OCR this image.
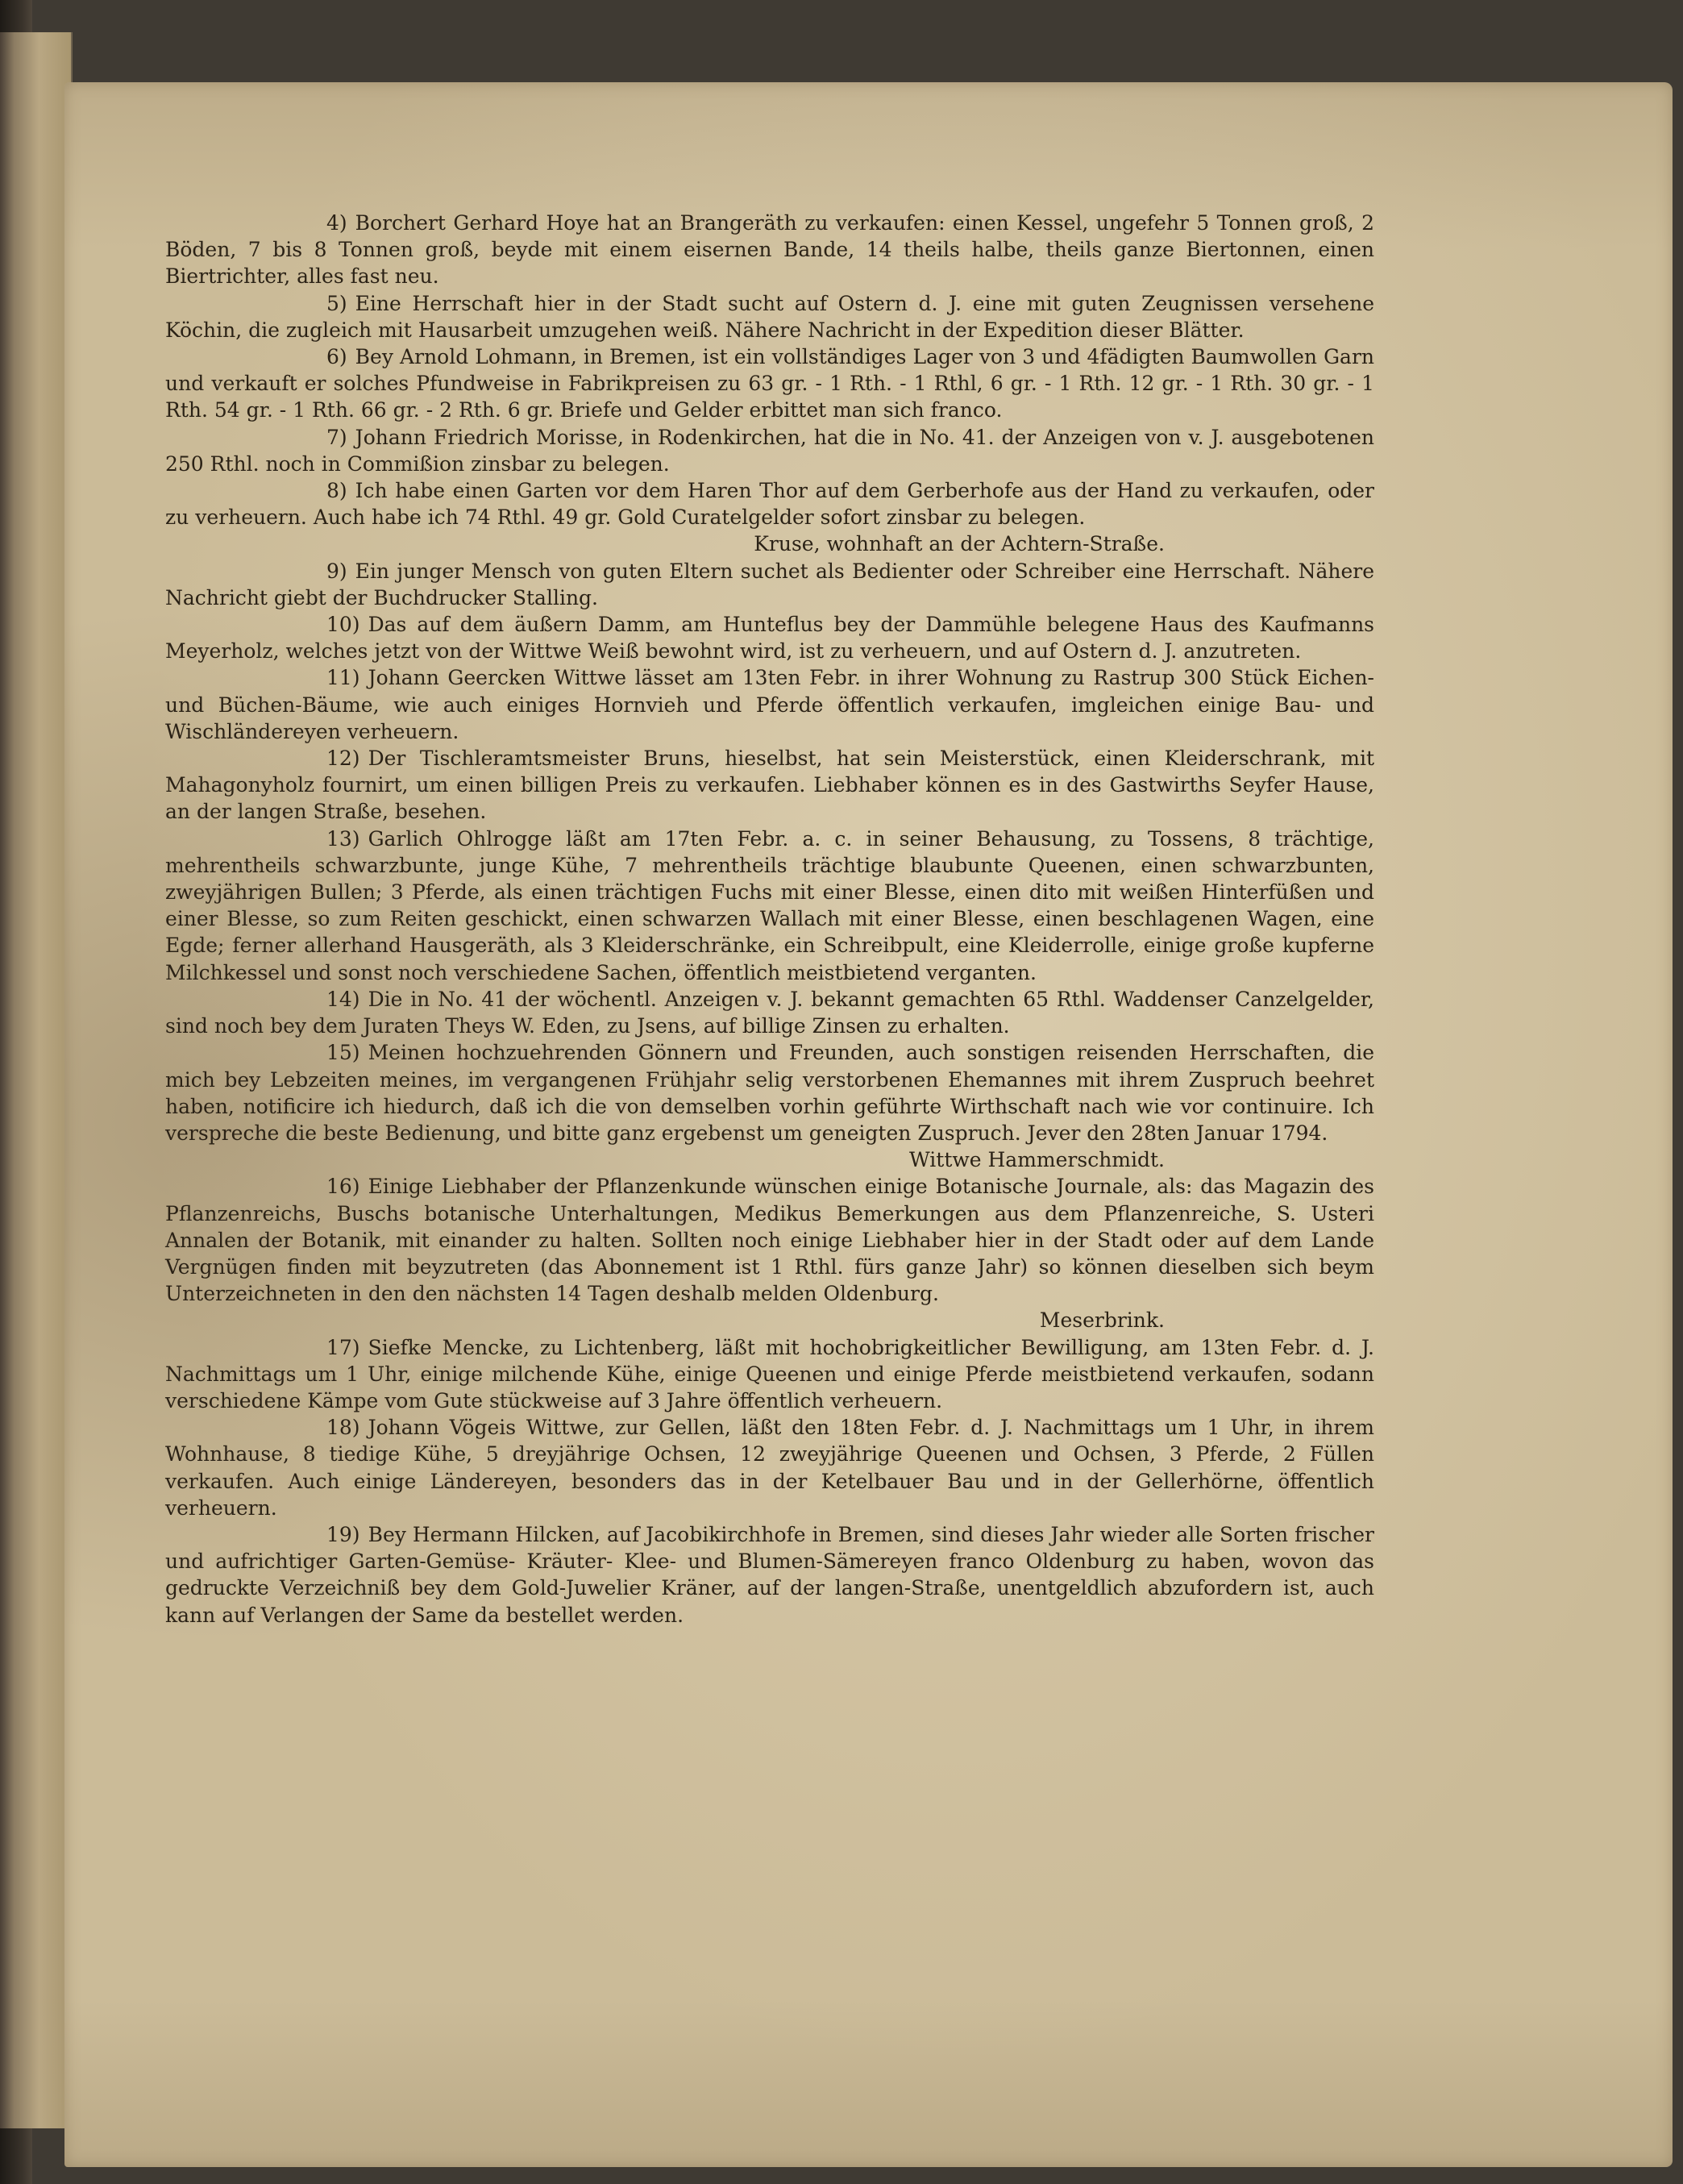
4) Borchert Gerhard Hoye hat an Brangeräth zu verkaufen: einen Kessel, ungefehr 5 Tonnen groß, 2 Böden, 7 bis 8 Tonnen groß, beyde mit einem eisernen Bande, 14 theils halbe, theils ganze Biertonnen, einen Biertrichter, alles fast neu.

5) Eine Herrschaft hier in der Stadt sucht auf Ostern d. J. eine mit guten Zeugnissen versehene Köchin, die zugleich mit Hausarbeit umzugehen weiß. Nähere Nachricht in der Expedition dieser Blätter.

6) Bey Arnold Lohmann, in Bremen, ist ein vollständiges Lager von 3 und 4fädigten Baumwollen Garn und verkauft er solches Pfundweise in Fabrikpreisen zu 63 gr. - 1 Rth. - 1 Rthl, 6 gr. - 1 Rth. 12 gr. - 1 Rth. 30 gr. - 1 Rth. 54 gr. - 1 Rth. 66 gr. - 2 Rth. 6 gr. Briefe und Gelder erbittet man sich franco.

7) Johann Friedrich Morisse, in Rodenkirchen, hat die in No. 41. der Anzeigen von v. J. ausgebotenen 250 Rthl. noch in Commißion zinsbar zu belegen.

8) Ich habe einen Garten vor dem Haren Thor auf dem Gerberhofe aus der Hand zu verkaufen, oder zu verheuern. Auch habe ich 74 Rthl. 49 gr. Gold Curatelgelder sofort zinsbar zu belegen.

Kruse, wohnhaft an der Achtern-Straße.

9) Ein junger Mensch von guten Eltern suchet als Bedienter oder Schreiber eine Herrschaft. Nähere Nachricht giebt der Buchdrucker Stalling.

10) Das auf dem äußern Damm, am Hunteflus bey der Dammühle belegene Haus des Kaufmanns Meyerholz, welches jetzt von der Wittwe Weiß bewohnt wird, ist zu verheuern, und auf Ostern d. J. anzutreten.

11) Johann Geercken Wittwe lässet am 13ten Febr. in ihrer Wohnung zu Rastrup 300 Stück Eichen- und Büchen-Bäume, wie auch einiges Hornvieh und Pferde öffentlich verkaufen, imgleichen einige Bau- und Wischländereyen verheuern.

12) Der Tischleramtsmeister Bruns, hieselbst, hat sein Meisterstück, einen Kleiderschrank, mit Mahagonyholz fournirt, um einen billigen Preis zu verkaufen. Liebhaber können es in des Gastwirths Seyfer Hause, an der langen Straße, besehen.

13) Garlich Ohlrogge läßt am 17ten Febr. a. c. in seiner Behausung, zu Tossens, 8 trächtige, mehrentheils schwarzbunte, junge Kühe, 7 mehrentheils trächtige blaubunte Queenen, einen schwarzbunten, zweyjährigen Bullen; 3 Pferde, als einen trächtigen Fuchs mit einer Blesse, einen dito mit weißen Hinterfüßen und einer Blesse, so zum Reiten geschickt, einen schwarzen Wallach mit einer Blesse, einen beschlagenen Wagen, eine Egde; ferner allerhand Hausgeräth, als 3 Kleiderschränke, ein Schreibpult, eine Kleiderrolle, einige große kupferne Milchkessel und sonst noch verschiedene Sachen, öffentlich meistbietend verganten.

14) Die in No. 41 der wöchentl. Anzeigen v. J. bekannt gemachten 65 Rthl. Waddenser Canzelgelder, sind noch bey dem Juraten Theys W. Eden, zu Jsens, auf billige Zinsen zu erhalten.

15) Meinen hochzuehrenden Gönnern und Freunden, auch sonstigen reisenden Herrschaften, die mich bey Lebzeiten meines, im vergangenen Frühjahr selig verstorbenen Ehemannes mit ihrem Zuspruch beehret haben, notificire ich hiedurch, daß ich die von demselben vorhin geführte Wirthschaft nach wie vor continuire. Ich verspreche die beste Bedienung, und bitte ganz ergebenst um geneigten Zuspruch. Jever den 28ten Januar 1794.

Wittwe Hammerschmidt.

16) Einige Liebhaber der Pflanzenkunde wünschen einige Botanische Journale, als: das Magazin des Pflanzenreichs, Buschs botanische Unterhaltungen, Medikus Bemerkungen aus dem Pflanzenreiche, S. Usteri Annalen der Botanik, mit einander zu halten. Sollten noch einige Liebhaber hier in der Stadt oder auf dem Lande Vergnügen finden mit beyzutreten (das Abonnement ist 1 Rthl. fürs ganze Jahr) so können dieselben sich beym Unterzeichneten in den den nächsten 14 Tagen deshalb melden Oldenburg.

Meserbrink.

17) Siefke Mencke, zu Lichtenberg, läßt mit hochobrigkeitlicher Bewilligung, am 13ten Febr. d. J. Nachmittags um 1 Uhr, einige milchende Kühe, einige Queenen und einige Pferde meistbietend verkaufen, sodann verschiedene Kämpe vom Gute stückweise auf 3 Jahre öffentlich verheuern.

18) Johann Vögeis Wittwe, zur Gellen, läßt den 18ten Febr. d. J. Nachmittags um 1 Uhr, in ihrem Wohnhause, 8 tiedige Kühe, 5 dreyjährige Ochsen, 12 zweyjährige Queenen und Ochsen, 3 Pferde, 2 Füllen verkaufen. Auch einige Ländereyen, besonders das in der Ketelbauer Bau und in der Gellerhörne, öffentlich verheuern.

19) Bey Hermann Hilcken, auf Jacobikirchhofe in Bremen, sind dieses Jahr wieder alle Sorten frischer und aufrichtiger Garten-Gemüse- Kräuter- Klee- und Blumen-Sämereyen franco Oldenburg zu haben, wovon das gedruckte Verzeichniß bey dem Gold-Juwelier Kräner, auf der langen-Straße, unentgeldlich abzufordern ist, auch kann auf Verlangen der Same da bestellet werden.
